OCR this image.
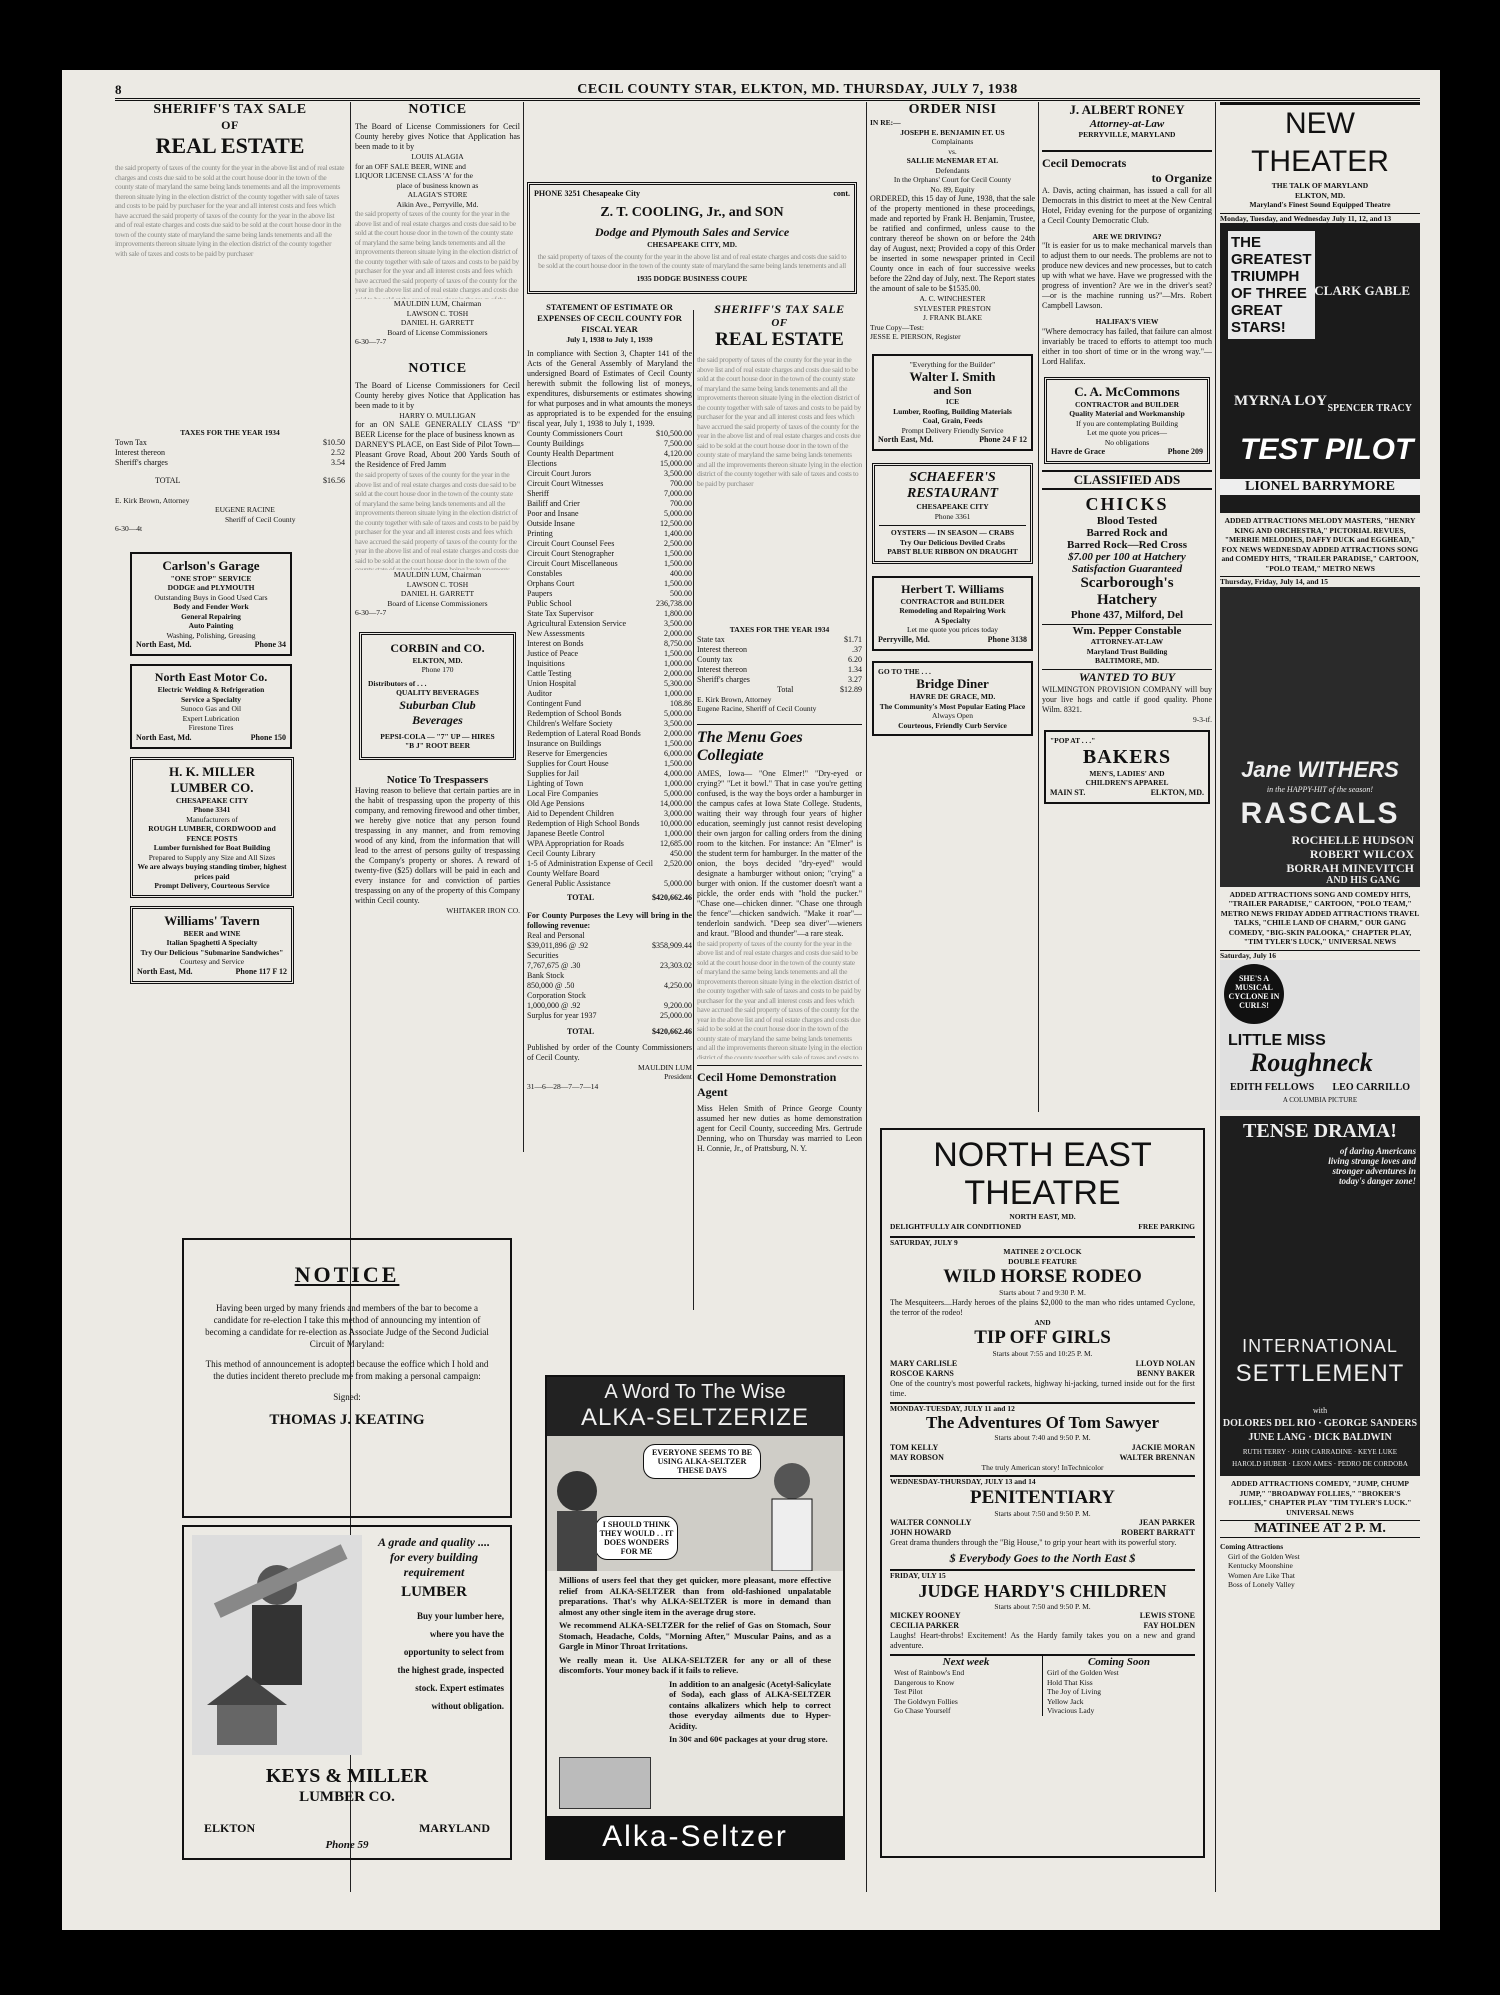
8	CECIL COUNTY STAR, ELKTON, MD. THURSDAY, JULY 7, 1938
SHERIFF'S TAX SALE
OF
REAL ESTATE
the said property of taxes of the county for the year in the above list and of real estate charges and costs due said to be sold at the court house door in the town of the county state of maryland the same being lands tenements and all the improvements thereon situate lying in the election district of the county together with sale of taxes and costs to be paid by purchaser for the year and all interest costs and fees which have accrued the said property of taxes of the county for the year in the above list and of real estate charges and costs due said to be sold at the court house door in the town of the county state of maryland the same being lands tenements and all the improvements thereon situate lying in the election district of the county together with sale of taxes and costs to be paid by purchaser
TAXES FOR THE YEAR 1934
Town Tax	$10.50
Interest thereon	2.52
Sheriff's charges	3.54
TOTAL	$16.56
E. Kirk Brown, Attorney
EUGENE RACINE
Sheriff of Cecil County
6-30—4t
Carlson's Garage
"ONE STOP" SERVICE
DODGE and PLYMOUTH
Outstanding Buys in Good Used Cars
Body and Fender Work
General Repairing
Auto Painting
Washing, Polishing, Greasing
North East, Md.	Phone 34
North East Motor Co.
Electric Welding & Refrigeration
Service a Specialty
Sunoco Gas and Oil
Expert Lubrication
Firestone Tires
North East, Md.	Phone 150
H. K. MILLER
LUMBER CO.
CHESAPEAKE CITY
Phone 3341
Manufacturers of
ROUGH LUMBER, CORDWOOD and FENCE POSTS
Lumber furnished for Boat Building
Prepared to Supply any Size and All Sizes
We are always buying standing timber, highest prices paid
Prompt Delivery, Courteous Service
Williams' Tavern
BEER and WINE
Italian Spaghetti A Specialty
Try Our Delicious "Submarine Sandwiches"
Courtesy and Service
North East, Md.	Phone 117 F 12
NOTICE
Having been urged by many friends and members of the bar to become a candidate for re-election I take this method of announcing my intention of becoming a candidate for re-election as Associate Judge of the Second Judicial Circuit of Maryland:
This method of announcement is adopted because the eoffice which I hold and the duties incident thereto preclude me from making a personal campaign:
Signed:
THOMAS J. KEATING
A grade and quality ....
for every building
requirement
LUMBER
Buy your lumber here, where you have the opportunity to select from the highest grade, inspected stock. Expert estimates without obligation.
KEYS & MILLER
LUMBER CO.
ELKTON	MARYLAND
Phone 59
NOTICE
The Board of License Commissioners for Cecil County hereby gives Notice that Application has been made to it by
LOUIS ALAGIA
for an OFF SALE BEER, WINE and
LIQUOR LICENSE CLASS 'A' for the
place of business known as
ALAGIA'S STORE
Aikin Ave., Perryville, Md.
the said property of taxes of the county for the year in the above list and of real estate charges and costs due said to be sold at the court house door in the town of the county state of maryland the same being lands tenements and all the improvements thereon situate lying in the election district of the county together with sale of taxes and costs to be paid by purchaser for the year and all interest costs and fees which have accrued the said property of taxes of the county for the year in the above list and of real estate charges and costs due said to be sold at the court house door in the town of the county state of maryland the same being lands tenements and all the improvements thereon situate lying in the election district of the county together with sale of taxes and costs to be paid by purchaser
MAULDIN LUM, Chairman
LAWSON C. TOSH
DANIEL H. GARRETT
Board of License Commissioners
6-30—7-7
NOTICE
The Board of License Commissioners for Cecil County hereby gives Notice that Application has been made to it by
HARRY O. MULLIGAN
for an ON SALE GENERALLY CLASS "D" BEER License for the place of business known as
DARNEY'S PLACE, on East Side of Pilot Town—Pleasant Grove Road, About 200 Yards South of the Residence of Fred Jamm
the said property of taxes of the county for the year in the above list and of real estate charges and costs due said to be sold at the court house door in the town of the county state of maryland the same being lands tenements and all the improvements thereon situate lying in the election district of the county together with sale of taxes and costs to be paid by purchaser for the year and all interest costs and fees which have accrued the said property of taxes of the county for the year in the above list and of real estate charges and costs due said to be sold at the court house door in the town of the county state of maryland the same being lands tenements and all the improvements thereon situate lying in the election district of the county together with sale of taxes and costs to be paid by purchaser
MAULDIN LUM, Chairman
LAWSON C. TOSH
DANIEL H. GARRETT
Board of License Commissioners
6-30—7-7
CORBIN and CO.
ELKTON, MD.
Phone 170
Distributors of . . .
QUALITY BEVERAGES
Suburban Club
Beverages
PEPSI-COLA — "7" UP — HIRES
"B J" ROOT BEER
Notice To Trespassers
Having reason to believe that certain parties are in the habit of trespassing upon the property of this company, and removing firewood and other timber, we hereby give notice that any person found trespassing in any manner, and from removing wood of any kind, from the information that will lead to the arrest of persons guilty of trespassing the Company's property or shores. A reward of twenty-five ($25) dollars will be paid in each and every instance for and conviction of parties trespassing on any of the property of this Company within Cecil county.
WHITAKER IRON CO.
PHONE 3251 Chesapeake City	cont.
Z. T. COOLING, Jr., and SON
Dodge and Plymouth Sales and Service
CHESAPEAKE CITY, MD.
the said property of taxes of the county for the year in the above list and of real estate charges and costs due said to be sold at the court house door in the town of the county state of maryland the same being lands tenements and all the improvements thereon situate lying in the election district of the county together with sale of taxes and costs to be paid by purchaser for the year and all interest costs and fees which have accrued the said property of taxes of the county for the year in the above list and of real estate charges and costs due said to be sold at the court house door in the town of the county state of maryland the same being lands tenements and all the improvements thereon situate lying in the election district of the county together with sale of taxes and costs to be paid by purchaser
1935 DODGE BUSINESS COUPE
STATEMENT OF ESTIMATE OR EXPENSES OF CECIL COUNTY FOR FISCAL YEAR
July 1, 1938 to July 1, 1939
In compliance with Section 3, Chapter 141 of the Acts of the General Assembly of Maryland the undersigned Board of Estimates of Cecil County herewith submit the following list of moneys, expenditures, disbursements or estimates showing for what purposes and in what amounts the moneys as appropriated is to be expended for the ensuing fiscal year, July 1, 1938 to July 1, 1939.
County Commissioners Court	$10,500.00
County Buildings	7,500.00
County Health Department	4,120.00
Elections	15,000.00
Circuit Court Jurors	3,500.00
Circuit Court Witnesses	700.00
Sheriff	7,000.00
Bailiff and Crier	700.00
Poor and Insane	5,000.00
Outside Insane	12,500.00
Printing	1,400.00
Circuit Court Counsel Fees	2,500.00
Circuit Court Stenographer	1,500.00
Circuit Court Miscellaneous	1,500.00
Constables	400.00
Orphans Court	1,500.00
Paupers	500.00
Public School	236,738.00
State Tax Supervisor	1,800.00
Agricultural Extension Service	3,500.00
New Assessments	2,000.00
Interest on Bonds	8,750.00
Justice of Peace	1,500.00
Inquisitions	1,000.00
Cattle Testing	2,000.00
Union Hospital	5,300.00
Auditor	1,000.00
Contingent Fund	108.86
Redemption of School Bonds	5,000.00
Children's Welfare Society	3,500.00
Redemption of Lateral Road Bonds	2,000.00
Insurance on Buildings	1,500.00
Reserve for Emergencies	6,000.00
Supplies for Court House	1,500.00
Supplies for Jail	4,000.00
Lighting of Town	1,000.00
Local Fire Companies	5,000.00
Old Age Pensions	14,000.00
Aid to Dependent Children	3,000.00
Redemption of High School Bonds	10,000.00
Japanese Beetle Control	1,000.00
WPA Appropriation for Roads	12,685.00
Cecil County Library	450.00
1-5 of Administration Expense of Cecil County Welfare Board
2,520.00
General Public Assistance	5,000.00
TOTAL	$420,662.46
For County Purposes the Levy will bring in the following revenue:
Real and Personal
$39,011,896 @ .92	$358,909.44
Securities
7,767,675 @ .30	23,303.02
Bank Stock
850,000 @ .50	4,250.00
Corporation Stock
1,000,000 @ .92	9,200.00
Surplus for year 1937	25,000.00
TOTAL	$420,662.46
Published by order of the County Commissioners of Cecil County.
MAULDIN LUM
President
31—6—28—7—7—14
A Word To The Wise
ALKA-SELTZERIZE
EVERYONE SEEMS TO BE USING ALKA-SELTZER THESE DAYS
I SHOULD THINK THEY WOULD . . IT DOES WONDERS FOR ME
Millions of users feel that they get quicker, more pleasant, more effective relief from ALKA-SELTZER than from old-fashioned unpalatable preparations. That's why ALKA-SELTZER is more in demand than almost any other single item in the average drug store.
We recommend ALKA-SELTZER for the relief of Gas on Stomach, Sour Stomach, Headache, Colds, "Morning After," Muscular Pains, and as a Gargle in Minor Throat Irritations.
We really mean it. Use ALKA-SELTZER for any or all of these discomforts. Your money back if it fails to relieve.
In addition to an analgesic (Acetyl-Salicylate of Soda), each glass of ALKA-SELTZER contains alkalizers which help to correct those everyday ailments due to Hyper-Acidity.
In 30¢ and 60¢ packages at your drug store.
Alka-Seltzer
SHERIFF'S TAX SALE
OF
REAL ESTATE
the said property of taxes of the county for the year in the above list and of real estate charges and costs due said to be sold at the court house door in the town of the county state of maryland the same being lands tenements and all the improvements thereon situate lying in the election district of the county together with sale of taxes and costs to be paid by purchaser for the year and all interest costs and fees which have accrued the said property of taxes of the county for the year in the above list and of real estate charges and costs due said to be sold at the court house door in the town of the county state of maryland the same being lands tenements and all the improvements thereon situate lying in the election district of the county together with sale of taxes and costs to be paid by purchaser
TAXES FOR THE YEAR 1934
State tax	$1.71
Interest thereon	.37
County tax	6.20
Interest thereon	1.34
Sheriff's charges	3.27
Total	$12.89
E. Kirk Brown, Attorney
Eugene Racine, Sheriff of Cecil County
The Menu Goes Collegiate
AMES, Iowa— "One Elmer!" "Dry-eyed or crying?" "Let it bowl." That in case you're getting confused, is the way the boys order a hamburger in the campus cafes at Iowa State College. Students, waiting their way through four years of higher education, seemingly just cannot resist developing their own jargon for calling orders from the dining room to the kitchen. For instance: An "Elmer" is the student term for hamburger. In the matter of the onion, the boys decided "dry-eyed" would designate a hamburger without onion; "crying" a burger with onion. If the customer doesn't want a pickle, the order ends with "hold the pucker." "Chase one—chicken dinner. "Chase one through the fence"—chicken sandwich. "Make it roar"—tenderloin sandwich. "Deep sea diver"—wieners and kraut. "Blood and thunder"—a rare steak.
the said property of taxes of the county for the year in the above list and of real estate charges and costs due said to be sold at the court house door in the town of the county state of maryland the same being lands tenements and all the improvements thereon situate lying in the election district of the county together with sale of taxes and costs to be paid by purchaser for the year and all interest costs and fees which have accrued the said property of taxes of the county for the year in the above list and of real estate charges and costs due said to be sold at the court house door in the town of the county state of maryland the same being lands tenements and all the improvements thereon situate lying in the election district of the county together with sale of taxes and costs to be paid by purchaser
Cecil Home Demonstration Agent
Miss Helen Smith of Prince George County assumed her new duties as home demonstration agent for Cecil County, succeeding Mrs. Gertrude Denning, who on Thursday was married to Leon H. Connie, Jr., of Prattsburg, N. Y.
ORDER NISI
IN RE:—
JOSEPH E. BENJAMIN ET. US
Complainants
vs.
SALLIE McNEMAR ET AL
Defendants
In the Orphans' Court for Cecil County
No. 89, Equity
ORDERED, this 15 day of June, 1938, that the sale of the property mentioned in these proceedings, made and reported by Frank H. Benjamin, Trustee, be ratified and confirmed, unless cause to the contrary thereof be shown on or before the 24th day of August, next; Provided a copy of this Order be inserted in some newspaper printed in Cecil County once in each of four successive weeks before the 22nd day of July, next. The Report states the amount of sale to be $1535.00.
A. C. WINCHESTER
SYLVESTER PRESTON
J. FRANK BLAKE
True Copy—Test:
JESSE E. PIERSON, Register
"Everything for the Builder"
Walter I. Smith
and Son
ICE
Lumber, Roofing, Building Materials
Coal, Grain, Feeds
Prompt Delivery Friendly Service
North East, Md.	Phone 24 F 12
SCHAEFER'S
RESTAURANT
CHESAPEAKE CITY
Phone 3361
OYSTERS — IN SEASON — CRABS
Try Our Delicious Deviled Crabs
PABST BLUE RIBBON ON DRAUGHT
Herbert T. Williams
CONTRACTOR and BUILDER
Remodeling and Repairing Work
A Specialty
Let me quote you prices today
Perryville, Md.	Phone 3138
GO TO THE . . .
Bridge Diner
HAVRE DE GRACE, MD.
The Community's Most Popular Eating Place
Always Open
Courteous, Friendly Curb Service
J. ALBERT RONEY
Attorney-at-Law
PERRYVILLE, MARYLAND
Cecil Democrats
to Organize
A. Davis, acting chairman, has issued a call for all Democrats in this district to meet at the New Central Hotel, Friday evening for the purpose of organizing a Cecil County Democratic Club.
ARE WE DRIVING?
"It is easier for us to make mechanical marvels than to adjust them to our needs. The problems are not to produce new devices and new processes, but to catch up with what we have. Have we progressed with the progress of invention? Are we in the driver's seat? —or is the machine running us?"—Mrs. Robert Campbell Lawson.
HALIFAX'S VIEW
"Where democracy has failed, that failure can almost invariably be traced to efforts to attempt too much either in too short of time or in the wrong way."—Lord Halifax.
C. A. McCommons
CONTRACTOR and BUILDER
Quality Material and Workmanship
If you are contemplating Building
Let me quote you prices—
No obligations
Havre de Grace	Phone 209
CLASSIFIED ADS
CHICKS
Blood Tested
Barred Rock and
Barred Rock—Red Cross
$7.00 per 100 at Hatchery
Satisfaction Guaranteed
Scarborough's
Hatchery
Phone 437, Milford, Del
Wm. Pepper Constable
ATTORNEY-AT-LAW
Maryland Trust Building
BALTIMORE, MD.
WANTED TO BUY
WILMINGTON PROVISION COMPANY will buy your live hogs and cattle if good quality. Phone Wilm. 8321.
9-3-tf.
"POP AT . . ."
BAKERS
MEN'S, LADIES' AND
CHILDREN'S APPAREL
MAIN ST.	ELKTON, MD.
NORTH EAST
THEATRE
NORTH EAST, MD.
DELIGHTFULLY AIR CONDITIONED	FREE PARKING
SATURDAY, JULY 9
MATINEE 2 O'CLOCK
DOUBLE FEATURE
WILD HORSE RODEO
Starts about 7 and 9:30 P. M.
The Mesquiteers....Hardy heroes of the plains $2,000 to the man who rides untamed Cyclone, the terror of the rodeo!
AND
TIP OFF GIRLS
Starts about 7:55 and 10:25 P. M.
MARY CARLISLE	LLOYD NOLAN
ROSCOE KARNS	BENNY BAKER
One of the country's most powerful rackets, highway hi-jacking, turned inside out for the first time.
MONDAY-TUESDAY, JULY 11 and 12
The Adventures Of Tom Sawyer
Starts about 7:40 and 9:50 P. M.
TOM KELLY	JACKIE MORAN
MAY ROBSON	WALTER BRENNAN
The truly American story! InTechnicolor
WEDNESDAY-THURSDAY, JULY 13 and 14
PENITENTIARY
Starts about 7:50 and 9:50 P. M.
WALTER CONNOLLY	JEAN PARKER
JOHN HOWARD	ROBERT BARRATT
Great drama thunders through the "Big House," to grip your heart with its powerful story.
$ Everybody Goes to the North East $
FRIDAY, ULY 15
JUDGE HARDY'S CHILDREN
Starts about 7:50 and 9:50 P. M.
MICKEY ROONEY	LEWIS STONE
CECILIA PARKER	FAY HOLDEN
Laughs! Heart-throbs! Excitement! As the Hardy family takes you on a new and grand adventure.
Next week
West of Rainbow's End
Dangerous to Know
Test Pilot
The Goldwyn Follies
Go Chase Yourself
Coming Soon
Girl of the Golden West
Hold That Kiss
The Joy of Living
Yellow Jack
Vivacious Lady
NEW THEATER
THE TALK OF MARYLAND
ELKTON, MD.
Maryland's Finest Sound Equipped Theatre
Monday, Tuesday, and Wednesday July 11, 12, and 13
THE
GREATEST
TRIUMPH
OF THREE
GREAT
STARS!
CLARK GABLE
MYRNA LOY SPENCER TRACY
TEST PILOT
LIONEL BARRYMORE
ADDED ATTRACTIONS MELODY MASTERS, "HENRY KING AND ORCHESTRA," PICTORIAL REVUES, "MERRIE MELODIES, DAFFY DUCK and EGGHEAD," FOX NEWS WEDNESDAY ADDED ATTRACTIONS SONG and COMEDY HITS, "TRAILER PARADISE," CARTOON, "POLO TEAM," METRO NEWS
Thursday, Friday, July 14, and 15
Jane WITHERS
in the HAPPY-HIT of the season!
RASCALS
ROCHELLE HUDSON
ROBERT WILCOX
BORRAH MINEVITCH
AND HIS GANG
ADDED ATTRACTIONS SONG AND COMEDY HITS, "TRAILER PARADISE," CARTOON, "POLO TEAM," METRO NEWS FRIDAY ADDED ATTRACTIONS TRAVEL TALKS, "CHILE LAND OF CHARM," OUR GANG COMEDY, "BIG-SKIN PALOOKA," CHAPTER PLAY, "TIM TYLER'S LUCK," UNIVERSAL NEWS
Saturday, July 16
SHE'S A MUSICAL CYCLONE IN CURLS!
LITTLE MISS
Roughneck
EDITH FELLOWS LEO CARRILLO
A COLUMBIA PICTURE
TENSE DRAMA!
of daring Americans living strange loves and stronger adventures in today's danger zone!
INTERNATIONAL
SETTLEMENT
with
DOLORES DEL RIO · GEORGE SANDERS
JUNE LANG · DICK BALDWIN
RUTH TERRY · JOHN CARRADINE · KEYE LUKE
HAROLD HUBER · LEON AMES · PEDRO DE CORDOBA
ADDED ATTRACTIONS COMEDY, "JUMP, CHUMP JUMP," "BROADWAY FOLLIES," "BROKER'S FOLLIES," CHAPTER PLAY "TIM TYLER'S LUCK." UNIVERSAL NEWS
MATINEE AT 2 P. M.
Coming Attractions
Girl of the Golden West
Kentucky Moonshine
Women Are Like That
Boss of Lonely Valley
